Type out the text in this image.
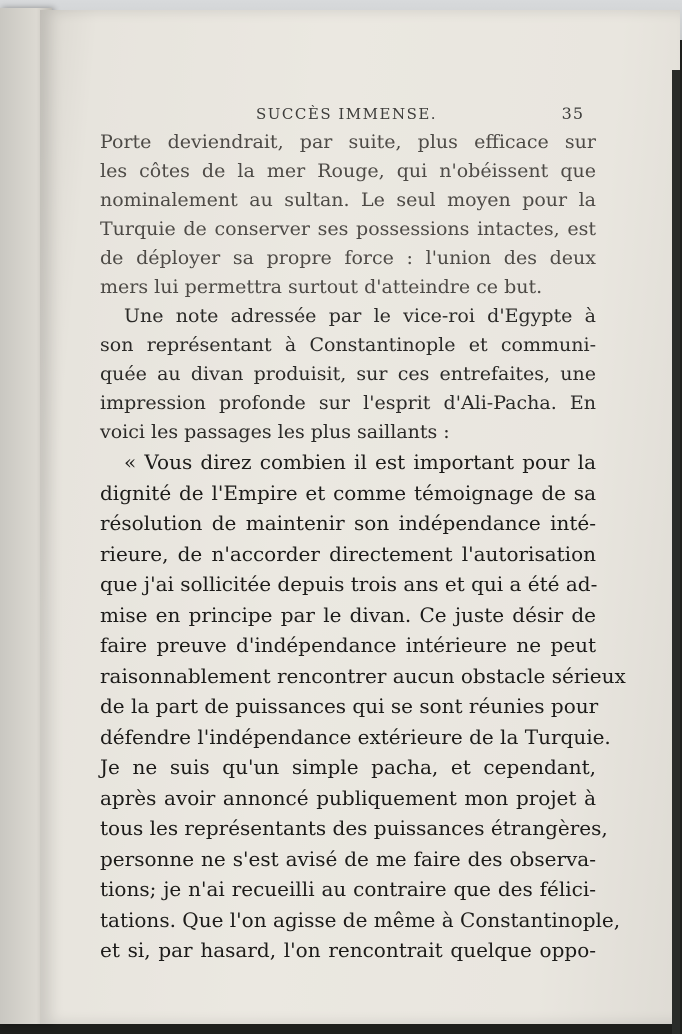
SUCCÈS IMMENSE.	35
Porte deviendrait, par suite, plus efficace sur
les côtes de la mer Rouge, qui n'obéissent que
nominalement au sultan. Le seul moyen pour la
Turquie de conserver ses possessions intactes, est
de déployer sa propre force : l'union des deux
mers lui permettra surtout d'atteindre ce but.
Une note adressée par le vice-roi d'Egypte à
son représentant à Constantinople et communi-
quée au divan produisit, sur ces entrefaites, une
impression profonde sur l'esprit d'Ali-Pacha. En
voici les passages les plus saillants :
« Vous direz combien il est important pour la
dignité de l'Empire et comme témoignage de sa
résolution de maintenir son indépendance inté-
rieure, de n'accorder directement l'autorisation
que j'ai sollicitée depuis trois ans et qui a été ad-
mise en principe par le divan. Ce juste désir de
faire preuve d'indépendance intérieure ne peut
raisonnablement rencontrer aucun obstacle sérieux
de la part de puissances qui se sont réunies pour
défendre l'indépendance extérieure de la Turquie.
Je ne suis qu'un simple pacha, et cependant,
après avoir annoncé publiquement mon projet à
tous les représentants des puissances étrangères,
personne ne s'est avisé de me faire des observa-
tions; je n'ai recueilli au contraire que des félici-
tations. Que l'on agisse de même à Constantinople,
et si, par hasard, l'on rencontrait quelque oppo-
